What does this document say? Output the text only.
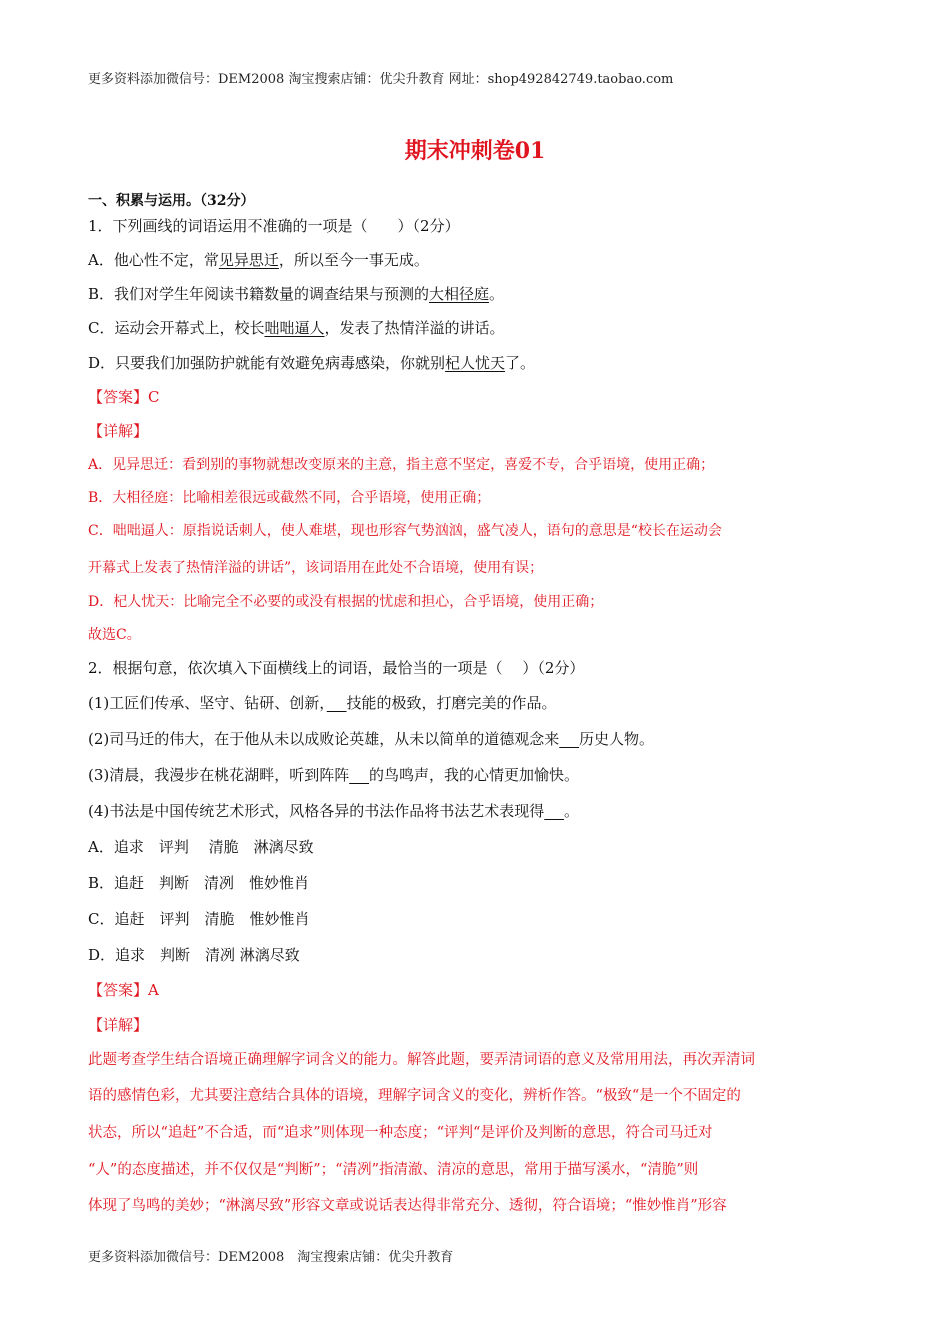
更多资料添加微信号：DEM2008 淘宝搜索店铺：优尖升教育 网址：shop492842749.taobao.com
期末冲刺卷01
一、积累与运用。（32分）
1．下列画线的词语运用不准确的一项是（　　）（2分）
A．他心性不定，常见异思迁，所以至今一事无成。
B．我们对学生年阅读书籍数量的调查结果与预测的大相径庭。
C．运动会开幕式上，校长咄咄逼人，发表了热情洋溢的讲话。
D．只要我们加强防护就能有效避免病毒感染，你就别杞人忧天了。
【答案】C
【详解】
A．见异思迁：看到别的事物就想改变原来的主意，指主意不坚定，喜爱不专，合乎语境，使用正确；
B．大相径庭：比喻相差很远或截然不同，合乎语境，使用正确；
C．咄咄逼人：原指说话刺人，使人难堪，现也形容气势汹汹，盛气凌人，语句的意思是“校长在运动会
开幕式上发表了热情洋溢的讲话”，该词语用在此处不合语境，使用有误；
D．杞人忧天：比喻完全不必要的或没有根据的忧虑和担心，合乎语境，使用正确；
故选C。
2．根据句意，依次填入下面横线上的词语，最恰当的一项是（　 ）（2分）
(1)工匠们传承、坚守、钻研、创新，　 技能的极致，打磨完美的作品。
(2)司马迁的伟大，在于他从未以成败论英雄，从未以简单的道德观念来　 历史人物。
(3)清晨，我漫步在桃花湖畔，听到阵阵　 的鸟鸣声，我的心情更加愉快。
(4)书法是中国传统艺术形式，风格各异的书法作品将书法艺术表现得　 。
A．追求　评判　 清脆　淋漓尽致
B．追赶　判断　清冽　惟妙惟肖
C．追赶　评判　清脆　惟妙惟肖
D．追求　判断　清冽 淋漓尽致
【答案】A
【详解】
此题考查学生结合语境正确理解字词含义的能力。解答此题，要弄清词语的意义及常用用法，再次弄清词
语的感情色彩，尤其要注意结合具体的语境，理解字词含义的变化，辨析作答。“极致“是一个不固定的
状态，所以“追赶”不合适，而“追求”则体现一种态度；“评判“是评价及判断的意思，符合司马迁对
“人”的态度描述，并不仅仅是“判断”；“清冽”指清澈、清凉的意思，常用于描写溪水，“清脆”则
体现了鸟鸣的美妙；“淋漓尽致”形容文章或说话表达得非常充分、透彻，符合语境；“惟妙惟肖”形容
更多资料添加微信号：DEM2008　淘宝搜索店铺：优尖升教育
